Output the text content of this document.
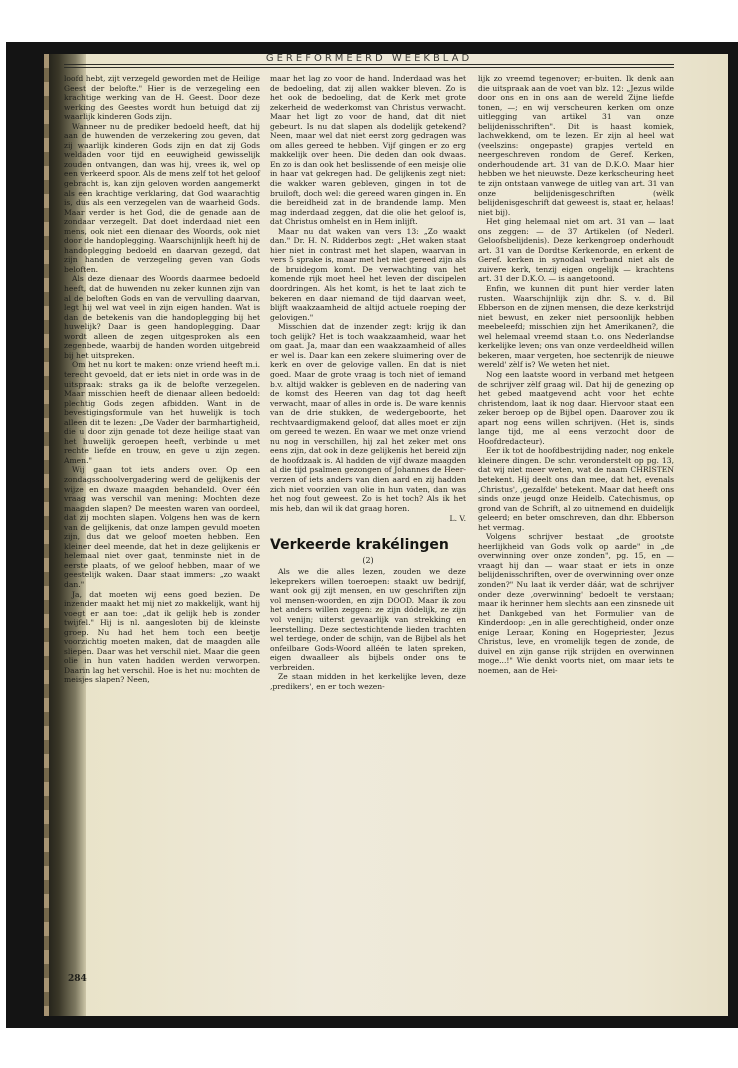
GEREFORMEERD WEEKBLAD

loofd hebt, zijt verzegeld geworden met de Heilige Geest der belofte." Hier is de verzegeling een krachtige werking van de H. Geest. Door deze werking des Geestes wordt hun betuigd dat zij waarlijk kinderen Gods zijn.

Wanneer nu de prediker bedoeld heeft, dat hij aan de huwenden de verzekering zou geven, dat zij waarlijk kinderen Gods zijn en dat zij Gods weldaden voor tijd en eeuwigheid gewisselijk zouden ontvangen, dan was hij, vrees ik, wel op een verkeerd spoor. Als de mens zelf tot het geloof gebracht is, kan zijn geloven worden aangemerkt als een krachtige verklaring, dat God waarachtig is, dus als een verzegelen van de waarheid Gods. Maar verder is het God, die de genade aan de zondaar verzegelt. Dat doet inderdaad niet een mens, ook niet een dienaar des Woords, ook niet door de handoplegging. Waarschijnlijk heeft hij de handoplegging bedoeld en daarvan gezegd, dat zijn handen de verzegeling geven van Gods beloften.

Als deze dienaar des Woords daarmee bedoeld heeft, dat de huwenden nu zeker kunnen zijn van al de beloften Gods en van de vervulling daarvan, legt hij wel wat veel in zijn eigen handen. Wat is dan de betekenis van die handoplegging bij het huwelijk? Daar is geen handoplegging. Daar wordt alleen de zegen uitgesproken als een zegenbede, waarbij de handen worden uitgebreid bij het uitspreken.

Om het nu kort te maken: onze vriend heeft m.i. terecht gevoeld, dat er iets niet in orde was in de uitspraak: straks ga ik de belofte verzegelen. Maar misschien heeft de dienaar alleen bedoeld: plechtig Gods zegen afbidden. Want in de bevestigingsformule van het huwelijk is toch alleen dit te lezen: „De Vader der barmhartigheid, die u door zijn genade tot deze heilige staat van het huwelijk geroepen heeft, verbinde u met rechte liefde en trouw, en geve u zijn zegen. Amen."

Wij gaan tot iets anders over. Op een zondagsschoolvergadering werd de gelijkenis der wijze en dwaze maagden behandeld. Over één vraag was verschil van mening: Mochten deze maagden slapen? De meesten waren van oordeel, dat zij mochten slapen. Volgens hen was de kern van de gelijkenis, dat onze lampen gevuld moeten zijn, dus dat we geloof moeten hebben. Een kleiner deel meende, dat het in deze gelijkenis er helemaal niet over gaat, tenminste niet in de eerste plaats, of we geloof hebben, maar of we geestelijk waken. Daar staat immers: „zo waakt dan."

Ja, dat moeten wij eens goed bezien. De inzender maakt het mij niet zo makkelijk, want hij voegt er aan toe: „dat ik gelijk heb is zonder twijfel." Hij is nl. aangesloten bij de kleinste groep. Nu had het hem toch een beetje voorzichtig moeten maken, dat de maagden alle sliepen. Daar was het verschil niet. Maar die geen olie in hun vaten hadden werden verworpen. Daarin lag het verschil. Hoe is het nu: mochten de meisjes slapen? Neen,

maar het lag zo voor de hand. Inderdaad was het de bedoeling, dat zij allen wakker bleven. Zo is het ook de bedoeling, dat de Kerk met grote zekerheid de wederkomst van Christus verwacht. Maar het ligt zo voor de hand, dat dit niet gebeurt. Is nu dat slapen als dodelijk getekend? Neen, maar wel dat niet eerst zorg gedragen was om alles gereed te hebben. Vijf gingen er zo erg makkelijk over heen. Die deden dan ook dwaas. En zo is dan ook het beslissende of een meisje olie in haar vat gekregen had. De gelijkenis zegt niet: die wakker waren gebleven, gingen in tot de bruiloft, doch wel: die gereed waren gingen in. En die bereidheid zat in de brandende lamp. Men mag inderdaad zeggen, dat die olie het geloof is, dat Christus omhelst en in Hem inlijft.

Maar nu dat waken van vers 13: „Zo waakt dan." Dr. H. N. Ridderbos zegt: „Het waken staat hier niet in contrast met het slapen, waarvan in vers 5 sprake is, maar met het niet gereed zijn als de bruidegom komt. De verwachting van het komende rijk moet heel het leven der discipelen doordringen. Als het komt, is het te laat zich te bekeren en daar niemand de tijd daarvan weet, blijft waakzaamheid de altijd actuele roeping der gelovigen."

Misschien dat de inzender zegt: krijg ik dan toch gelijk? Het is toch waakzaamheid, waar het om gaat. Ja, maar dan een waakzaamheid of alles er wel is. Daar kan een zekere sluimering over de kerk en over de gelovige vallen. En dat is niet goed. Maar de grote vraag is toch niet of iemand b.v. altijd wakker is gebleven en de nadering van de komst des Heeren van dag tot dag heeft verwacht, maar of alles in orde is. De ware kennis van de drie stukken, de wedergeboorte, het rechtvaardigmakend geloof, dat alles moet er zijn om gereed te wezen. En waar we met onze vriend nu nog in verschillen, hij zal het zeker met ons eens zijn, dat ook in deze gelijkenis het bereid zijn de hoofdzaak is. Al hadden de vijf dwaze maagden al die tijd psalmen gezongen of Johannes de Heer-verzen of iets anders van dien aard en zij hadden zich niet voorzien van olie in hun vaten, dan was het nog fout geweest. Zo is het toch? Als ik het mis heb, dan wil ik dat graag horen.

L. V.

Verkeerde krakélingen

(2)

Als we die alles lezen, zouden we deze lekeprekers willen toeroepen: staakt uw bedrijf, want ook gij zijt mensen, en uw geschriften zijn vol mensen-woorden, en zijn DOOD. Maar ik zou het anders willen zeggen: ze zijn dódelijk, ze zijn vol venijn; uiterst gevaarlijk van strekking en leerstelling. Deze sectestichtende lieden trachten wel terdege, onder de schijn, van de Bijbel als het onfeilbare Gods-Woord alléén te laten spreken, eigen dwaalleer als bijbels onder ons te verbreiden.

Ze staan midden in het kerkelijke leven, deze ‚predikers', en er toch wezen-

lijk zo vreemd tegenover; er-buiten. Ik denk aan die uitspraak aan de voet van blz. 12: „Jezus wilde door ons en in ons aan de wereld Zijne liefde tonen, —; en wij verscheuren kerken om onze uitlegging van artikel 31 van onze belijdenisschriften". Dit is haast komiek, lachwekkend, om te lezen. Er zijn al heel wat (veelszins: ongepaste) grapjes verteld en neergeschreven rondom de Geref. Kerken, onderhoudende art. 31 van de D.K.O. Maar hier hebben we het nieuwste. Deze kerkscheuring heet te zijn ontstaan vanwege de uitleg van art. 31 van onze belijdenisgeschriften (wèlk belijdenisgeschrift dat geweest is, staat er, helaas! niet bij).

Het ging helemaal niet om art. 31 van — laat ons zeggen: — de 37 Artikelen (of Nederl. Geloofsbelijdenis). Deze kerkengroep onderhoudt art. 31 van de Dordtse Kerkenorde, en erkent de Geref. kerken in synodaal verband niet als de zuivere kerk, tenzij eigen ongelijk — krachtens art. 31 der D.K.O. — is aangetoond.

Enfin, we kunnen dit punt hier verder laten rusten. Waarschijnlijk zijn dhr. S. v. d. Bil Ebberson en de zijnen mensen, die deze kerkstrijd niet bewust, en zeker niet persoonlijk hebben meebeleefd; misschien zijn het Amerikanen?, die wel helemaal vreemd staan t.o. ons Nederlandse kerkelijke leven; ons van onze verdeeldheid willen bekeren, maar vergeten, hoe sectenrijk de nieuwe wereld' zèlf is? We weten het niet.

Nog een laatste woord in verband met hetgeen de schrijver zèlf graag wil. Dat hij de genezing op het gebed maatgevend acht voor het echte christendom, laat ik nog daar. Hiervoor staat een zeker beroep op de Bijbel open. Daarover zou ik apart nog eens willen schrijven. (Het is, sinds lange tijd, me al eens verzocht door de Hoofdredacteur).

Eer ik tot de hoofdbestrijding nader, nog enkele kleinere dingen. De schr. veronderstelt op pg. 13, dat wij niet meer weten, wat de naam CHRISTEN betekent. Hij deelt ons dan mee, dat het, evenals ‚Christus', ‚gezalfde' betekent. Maar dat heeft ons sinds onze jeugd onze Heidelb. Catechismus, op grond van de Schrift, al zo uitnemend en duidelijk geleerd; en beter omschreven, dan dhr. Ebberson het vermag.

Volgens schrijver bestaat „de grootste heerlijkheid van Gods volk op aarde" in „de overwinning over onze zonden", pg. 15, en — vraagt hij dan — waar staat er iets in onze belijdenisschriften, over de overwinning over onze zonden?" Nu laat ik verder dáár, wat de schrijver onder deze ‚overwinning' bedoelt te verstaan; maar ik herinner hem slechts aan een zinsnede uit het Dankgebed van het Formulier van de Kinderdoop: „en in alle gerechtigheid, onder onze enige Leraar, Koning en Hogepriester, Jezus Christus, leve, en vromelijk tegen de zonde, de duivel en zijn ganse rijk strijden en overwinnen moge...!" Wie denkt voorts niet, om maar iets te noemen, aan de Hei-

284
